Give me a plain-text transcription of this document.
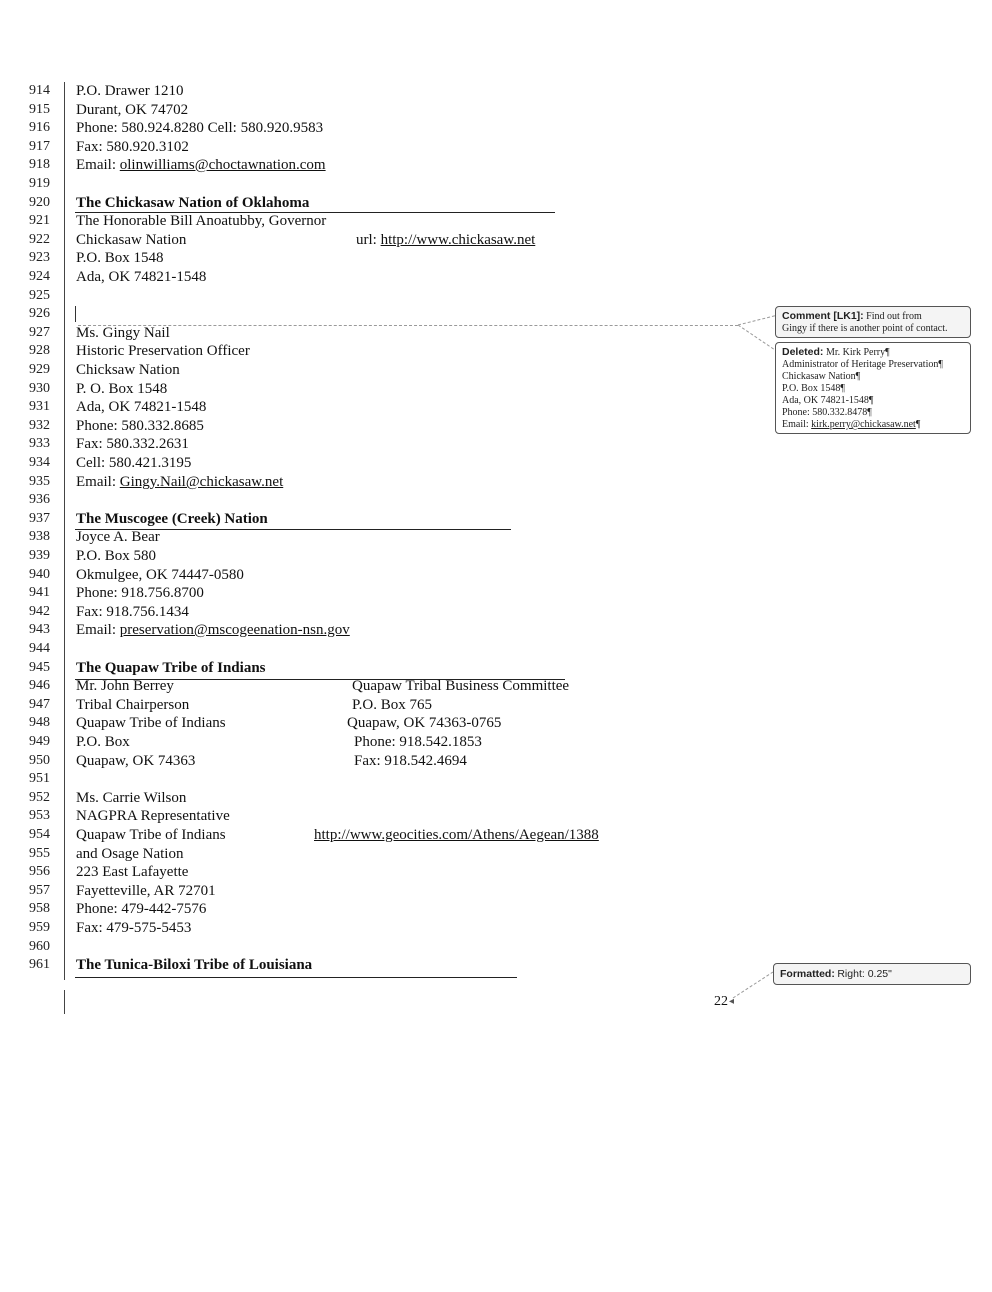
914 P.O. Drawer 1210
915 Durant, OK 74702
916 Phone: 580.924.8280 Cell: 580.920.9583
917 Fax: 580.920.3102
918 Email: olinwilliams@choctawnation.com
919
920 The Chickasaw Nation of Oklahoma
921 The Honorable Bill Anoatubby, Governor
922 Chickasaw Nation	url: http://www.chickasaw.net
923 P.O. Box 1548
924 Ada, OK 74821-1548
925
926
927 Ms. Gingy Nail
928 Historic Preservation Officer
929 Chicksaw Nation
930 P. O. Box 1548
931 Ada, OK 74821-1548
932 Phone: 580.332.8685
933 Fax: 580.332.2631
934 Cell: 580.421.3195
935 Email: Gingy.Nail@chickasaw.net
936
937 The Muscogee (Creek) Nation
938 Joyce A. Bear
939 P.O. Box 580
940 Okmulgee, OK 74447-0580
941 Phone: 918.756.8700
942 Fax: 918.756.1434
943 Email: preservation@mscogeenation-nsn.gov
944
945 The Quapaw Tribe of Indians
946 Mr. John Berrey	Quapaw Tribal Business Committee
947 Tribal Chairperson	P.O. Box 765
948 Quapaw Tribe of Indians	Quapaw, OK 74363-0765
949 P.O. Box	Phone: 918.542.1853
950 Quapaw, OK 74363	Fax: 918.542.4694
951
952 Ms. Carrie Wilson
953 NAGPRA Representative
954 Quapaw Tribe of Indians	http://www.geocities.com/Athens/Aegean/1388
955 and Osage Nation
956 223 East Lafayette
957 Fayetteville, AR 72701
958 Phone: 479-442-7576
959 Fax: 479-575-5453
960
961 The Tunica-Biloxi Tribe of Louisiana
Comment [LK1]: Find out from
Gingy if there is another point of contact.
Deleted: Mr. Kirk Perry¶
Administrator of Heritage Preservation¶
Chickasaw Nation¶
P.O. Box 1548¶
Ada, OK 74821-1548¶
Phone: 580.332.8478¶
Email: kirk.perry@chickasaw.net¶
Formatted: Right: 0.25"
22 ◂
